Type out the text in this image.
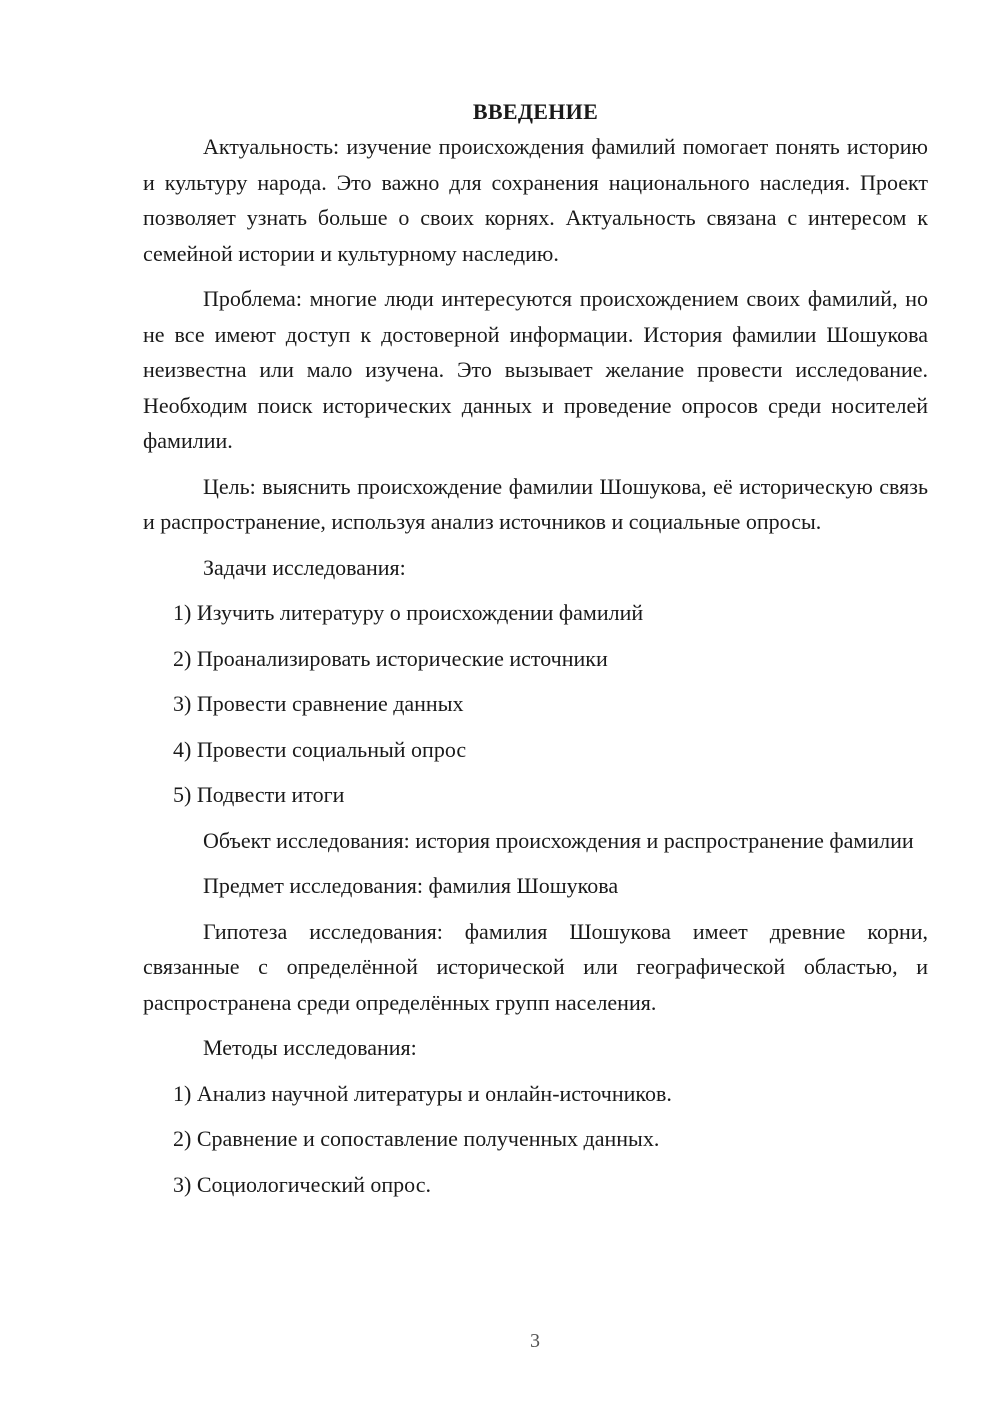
ВВЕДЕНИЕ

Актуальность: изучение происхождения фамилий помогает понять историю и культуру народа. Это важно для сохранения национального наследия. Проект позволяет узнать больше о своих корнях. Актуальность связана с интересом к семейной истории и культурному наследию.

Проблема: многие люди интересуются происхождением своих фамилий, но не все имеют доступ к достоверной информации. История фамилии Шошукова неизвестна или мало изучена. Это вызывает желание провести исследование. Необходим поиск исторических данных и проведение опросов среди носителей фамилии.

Цель: выяснить происхождение фамилии Шошукова, её историческую связь и распространение, используя анализ источников и социальные опросы.

Задачи исследования:

1) Изучить литературу о происхождении фамилий
2) Проанализировать исторические источники
3) Провести сравнение данных
4) Провести социальный опрос
5) Подвести итоги

Объект исследования: история происхождения и распространение фамилии

Предмет исследования: фамилия Шошукова

Гипотеза исследования: фамилия Шошукова имеет древние корни, связанные с определённой исторической или географической областью, и распространена среди определённых групп населения.

Методы исследования:

1) Анализ научной литературы и онлайн-источников.
2) Сравнение и сопоставление полученных данных.
3) Социологический опрос.
3
